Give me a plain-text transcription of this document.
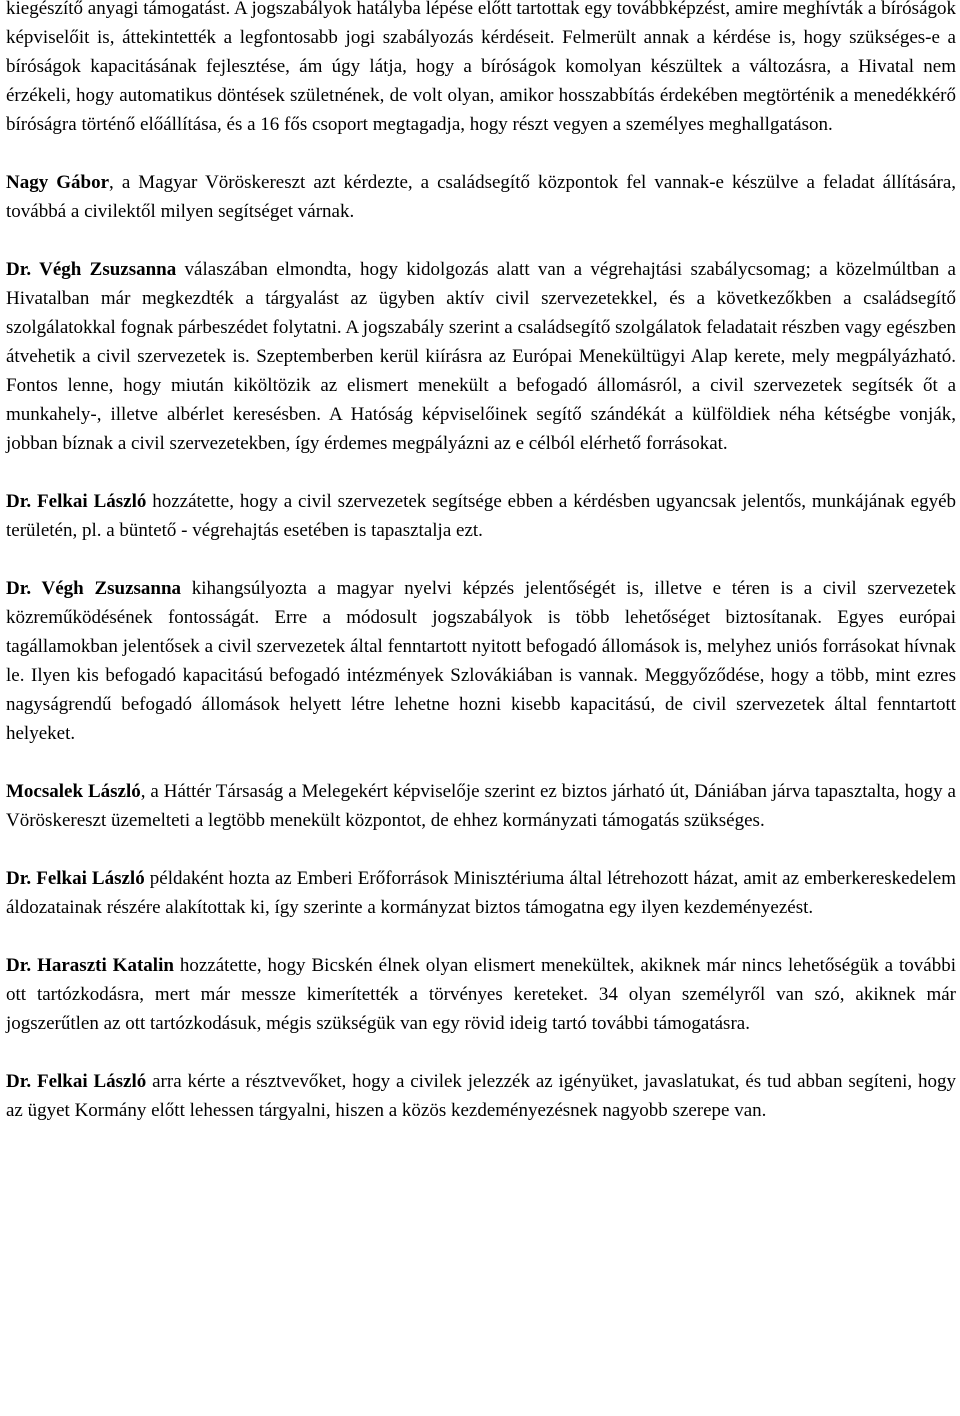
kiegészítő anyagi támogatást. A jogszabályok hatályba lépése előtt tartottak egy továbbképzést, amire meghívták a bíróságok képviselőit is, áttekintették a legfontosabb jogi szabályozás kérdéseit. Felmerült annak a kérdése is, hogy szükséges-e a bíróságok kapacitásának fejlesztése, ám úgy látja, hogy a bíróságok komolyan készültek a változásra, a Hivatal nem érzékeli, hogy automatikus döntések születnének, de volt olyan, amikor hosszabbítás érdekében megtörténik a menedékkérő bíróságra történő előállítása, és a 16 fős csoport megtagadja, hogy részt vegyen a személyes meghallgatáson.

Nagy Gábor, a Magyar Vöröskereszt azt kérdezte, a családsegítő központok fel vannak-e készülve a feladat állítására, továbbá a civilektől milyen segítséget várnak.

Dr. Végh Zsuzsanna válaszában elmondta, hogy kidolgozás alatt van a végrehajtási szabálycsomag; a közelmúltban a Hivatalban már megkezdték a tárgyalást az ügyben aktív civil szervezetekkel, és a következőkben a családsegítő szolgálatokkal fognak párbeszédet folytatni. A jogszabály szerint a családsegítő szolgálatok feladatait részben vagy egészben átvehetik a civil szervezetek is. Szeptemberben kerül kiírásra az Európai Menekültügyi Alap kerete, mely megpályázható. Fontos lenne, hogy miután kiköltözik az elismert menekült a befogadó állomásról, a civil szervezetek segítsék őt a munkahely-, illetve albérlet keresésben. A Hatóság képviselőinek segítő szándékát a külföldiek néha kétségbe vonják, jobban bíznak a civil szervezetekben, így érdemes megpályázni az e célból elérhető forrásokat.

Dr. Felkai László hozzátette, hogy a civil szervezetek segítsége ebben a kérdésben ugyancsak jelentős, munkájának egyéb területén, pl. a büntető - végrehajtás esetében is tapasztalja ezt.

Dr. Végh Zsuzsanna kihangsúlyozta a magyar nyelvi képzés jelentőségét is, illetve e téren is a civil szervezetek közreműködésének fontosságát. Erre a módosult jogszabályok is több lehetőséget biztosítanak. Egyes európai tagállamokban jelentősek a civil szervezetek által fenntartott nyitott befogadó állomások is, melyhez uniós forrásokat hívnak le. Ilyen kis befogadó kapacitású befogadó intézmények Szlovákiában is vannak. Meggyőződése, hogy a több, mint ezres nagyságrendű befogadó állomások helyett létre lehetne hozni kisebb kapacitású, de civil szervezetek által fenntartott helyeket.

Mocsalek László, a Háttér Társaság a Melegekért képviselője szerint ez biztos járható út, Dániában járva tapasztalta, hogy a Vöröskereszt üzemelteti a legtöbb menekült központot, de ehhez kormányzati támogatás szükséges.

Dr. Felkai László példaként hozta az Emberi Erőforrások Minisztériuma által létrehozott házat, amit az emberkereskedelem áldozatainak részére alakítottak ki, így szerinte a kormányzat biztos támogatna egy ilyen kezdeményezést.

Dr. Haraszti Katalin hozzátette, hogy Bicskén élnek olyan elismert menekültek, akiknek már nincs lehetőségük a további ott tartózkodásra, mert már messze kimerítették a törvényes kereteket. 34 olyan személyről van szó, akiknek már jogszerűtlen az ott tartózkodásuk, mégis szükségük van egy rövid ideig tartó további támogatásra.

Dr. Felkai László arra kérte a résztvevőket, hogy a civilek jelezzék az igényüket, javaslatukat, és tud abban segíteni, hogy az ügyet Kormány előtt lehessen tárgyalni, hiszen a közös kezdeményezésnek nagyobb szerepe van.
